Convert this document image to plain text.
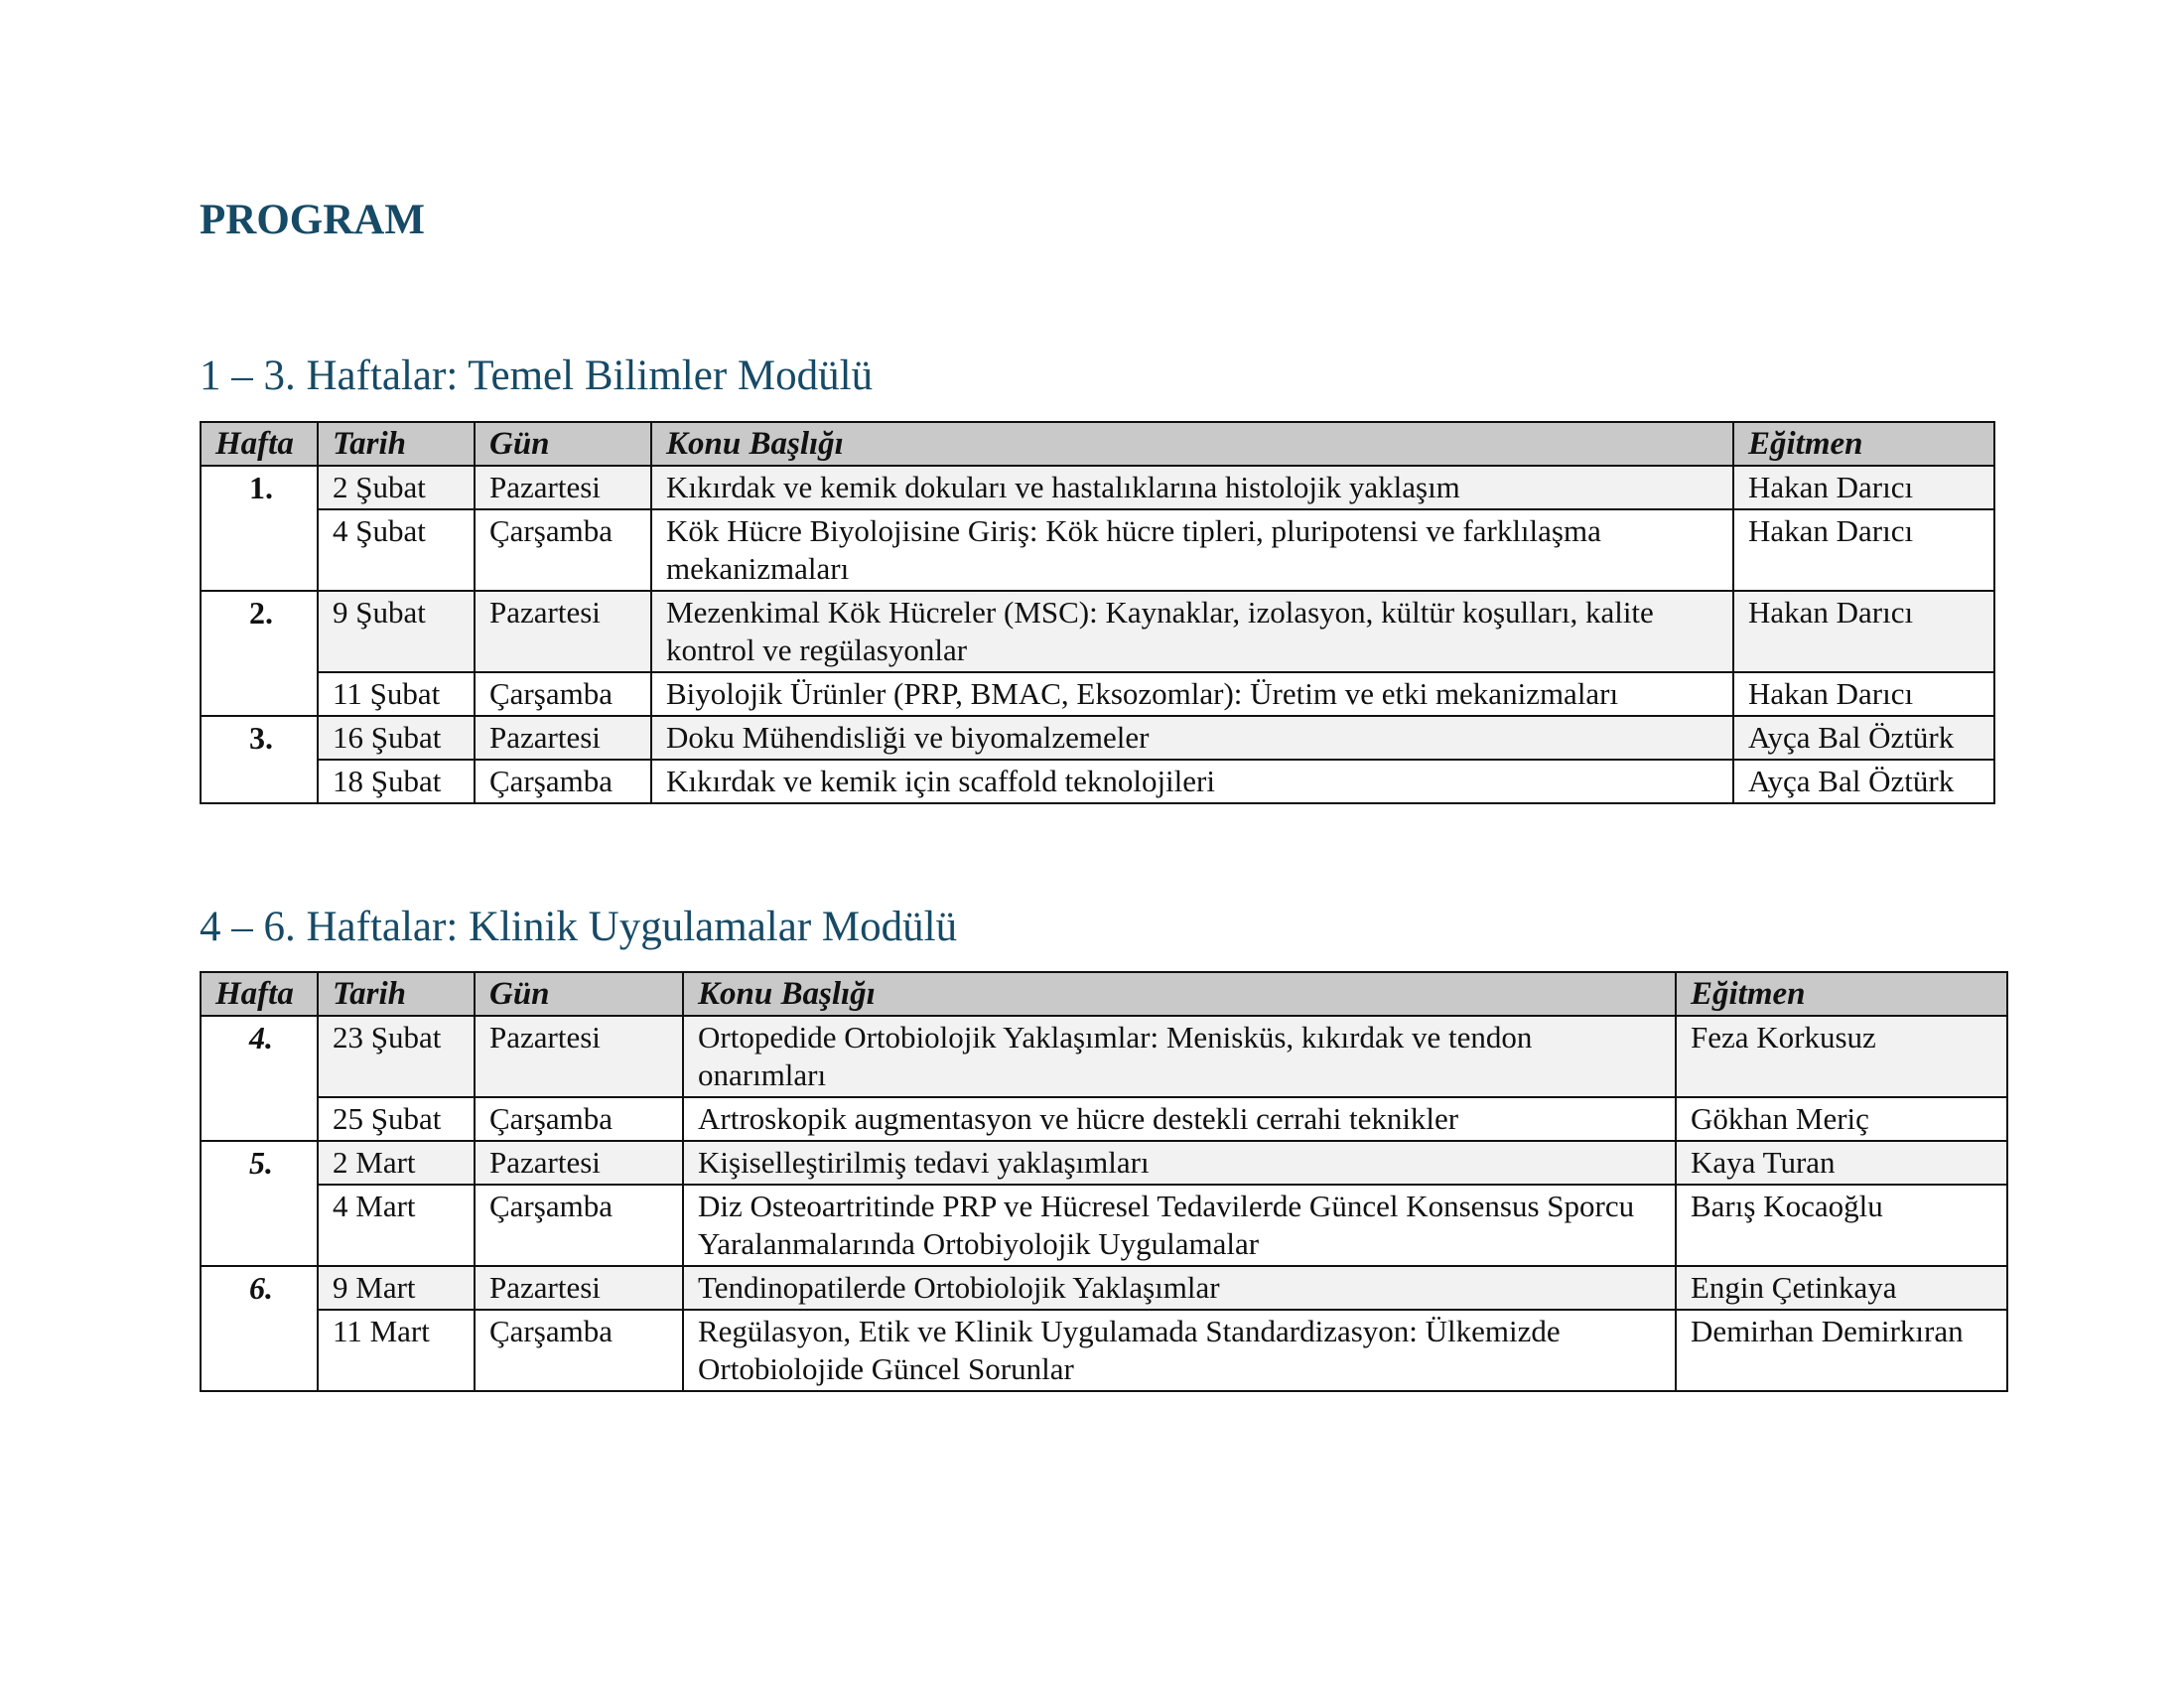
PROGRAM
1 – 3. Haftalar: Temel Bilimler Modülü
Hafta	Tarih	Gün	Konu Başlığı	Eğitmen
1.	2 Şubat	Pazartesi	Kıkırdak ve kemik dokuları ve hastalıklarına histolojik yaklaşım	Hakan Darıcı
	4 Şubat	Çarşamba	Kök Hücre Biyolojisine Giriş: Kök hücre tipleri, pluripotensi ve farklılaşma mekanizmaları	Hakan Darıcı
2.	9 Şubat	Pazartesi	Mezenkimal Kök Hücreler (MSC): Kaynaklar, izolasyon, kültür koşulları, kalite kontrol ve regülasyonlar	Hakan Darıcı
	11 Şubat	Çarşamba	Biyolojik Ürünler (PRP, BMAC, Eksozomlar): Üretim ve etki mekanizmaları	Hakan Darıcı
3.	16 Şubat	Pazartesi	Doku Mühendisliği ve biyomalzemeler	Ayça Bal Öztürk
	18 Şubat	Çarşamba	Kıkırdak ve kemik için scaffold teknolojileri	Ayça Bal Öztürk
4 – 6. Haftalar: Klinik Uygulamalar Modülü
Hafta	Tarih	Gün	Konu Başlığı	Eğitmen
4.	23 Şubat	Pazartesi	Ortopedide Ortobiolojik Yaklaşımlar: Menisküs, kıkırdak ve tendon onarımları	Feza Korkusuz
	25 Şubat	Çarşamba	Artroskopik augmentasyon ve hücre destekli cerrahi teknikler	Gökhan Meriç
5.	2 Mart	Pazartesi	Kişiselleştirilmiş tedavi yaklaşımları	Kaya Turan
	4 Mart	Çarşamba	Diz Osteoartritinde PRP ve Hücresel Tedavilerde Güncel Konsensus Sporcu Yaralanmalarında Ortobiyolojik Uygulamalar	Barış Kocaoğlu
6.	9 Mart	Pazartesi	Tendinopatilerde Ortobiolojik Yaklaşımlar	Engin Çetinkaya
	11 Mart	Çarşamba	Regülasyon, Etik ve Klinik Uygulamada Standardizasyon: Ülkemizde Ortobiolojide Güncel Sorunlar	Demirhan Demirkıran
